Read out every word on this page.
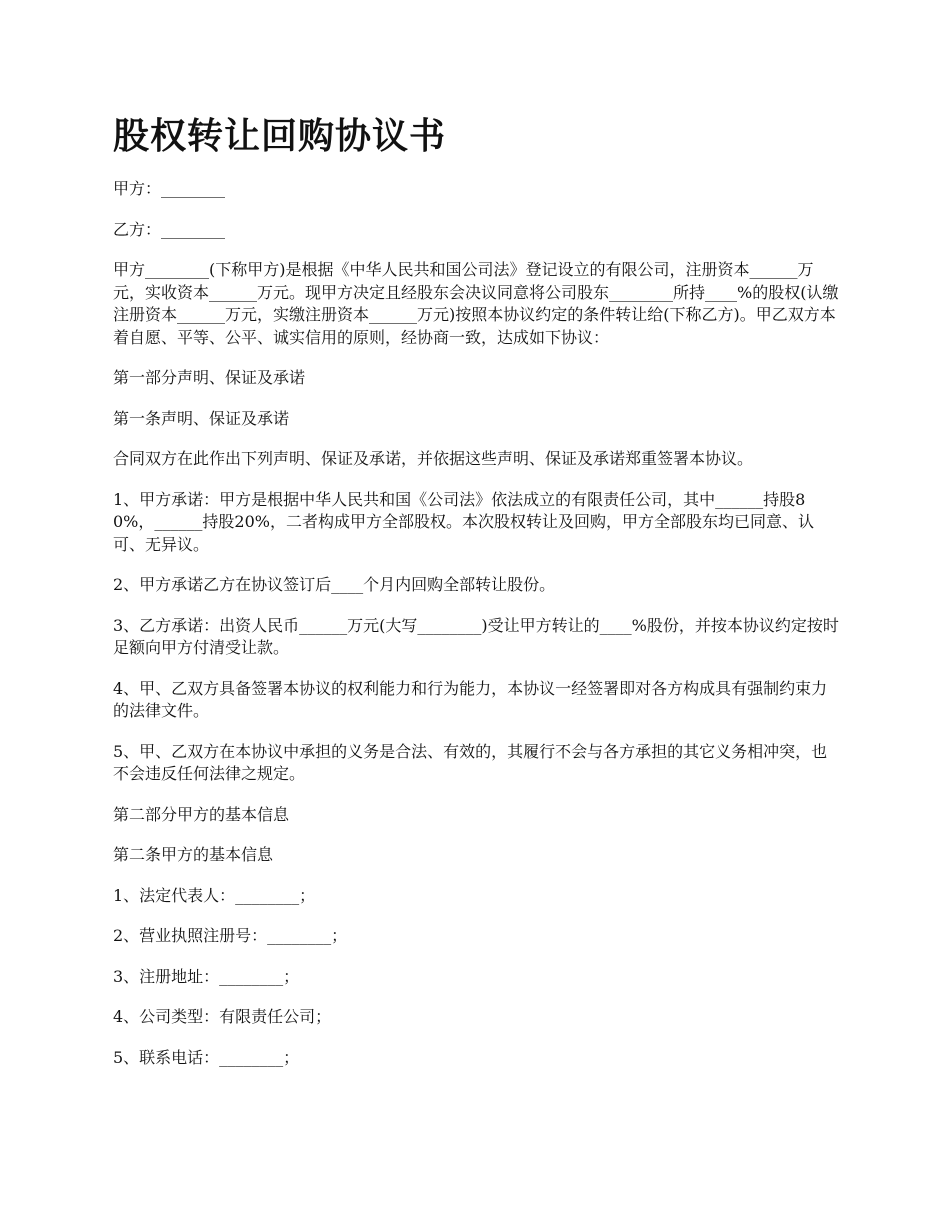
股权转让回购协议书

甲方：________

乙方：________

甲方________(下称甲方)是根据《中华人民共和国公司法》登记设立的有限公司，注册资本______万元，实收资本______万元。现甲方决定且经股东会决议同意将公司股东________所持____%的股权(认缴注册资本______万元，实缴注册资本______万元)按照本协议约定的条件转让给(下称乙方)。甲乙双方本着自愿、平等、公平、诚实信用的原则，经协商一致，达成如下协议：

第一部分声明、保证及承诺

第一条声明、保证及承诺

合同双方在此作出下列声明、保证及承诺，并依据这些声明、保证及承诺郑重签署本协议。

1、甲方承诺：甲方是根据中华人民共和国《公司法》依法成立的有限责任公司，其中______持股80%，______持股20%，二者构成甲方全部股权。本次股权转让及回购，甲方全部股东均已同意、认可、无异议。

2、甲方承诺乙方在协议签订后____个月内回购全部转让股份。

3、乙方承诺：出资人民币______万元(大写________)受让甲方转让的____%股份，并按本协议约定按时足额向甲方付清受让款。

4、甲、乙双方具备签署本协议的权利能力和行为能力，本协议一经签署即对各方构成具有强制约束力的法律文件。

5、甲、乙双方在本协议中承担的义务是合法、有效的，其履行不会与各方承担的其它义务相冲突，也不会违反任何法律之规定。

第二部分甲方的基本信息

第二条甲方的基本信息

1、法定代表人：________；

2、营业执照注册号：________；

3、注册地址：________；

4、公司类型：有限责任公司；

5、联系电话：________；
